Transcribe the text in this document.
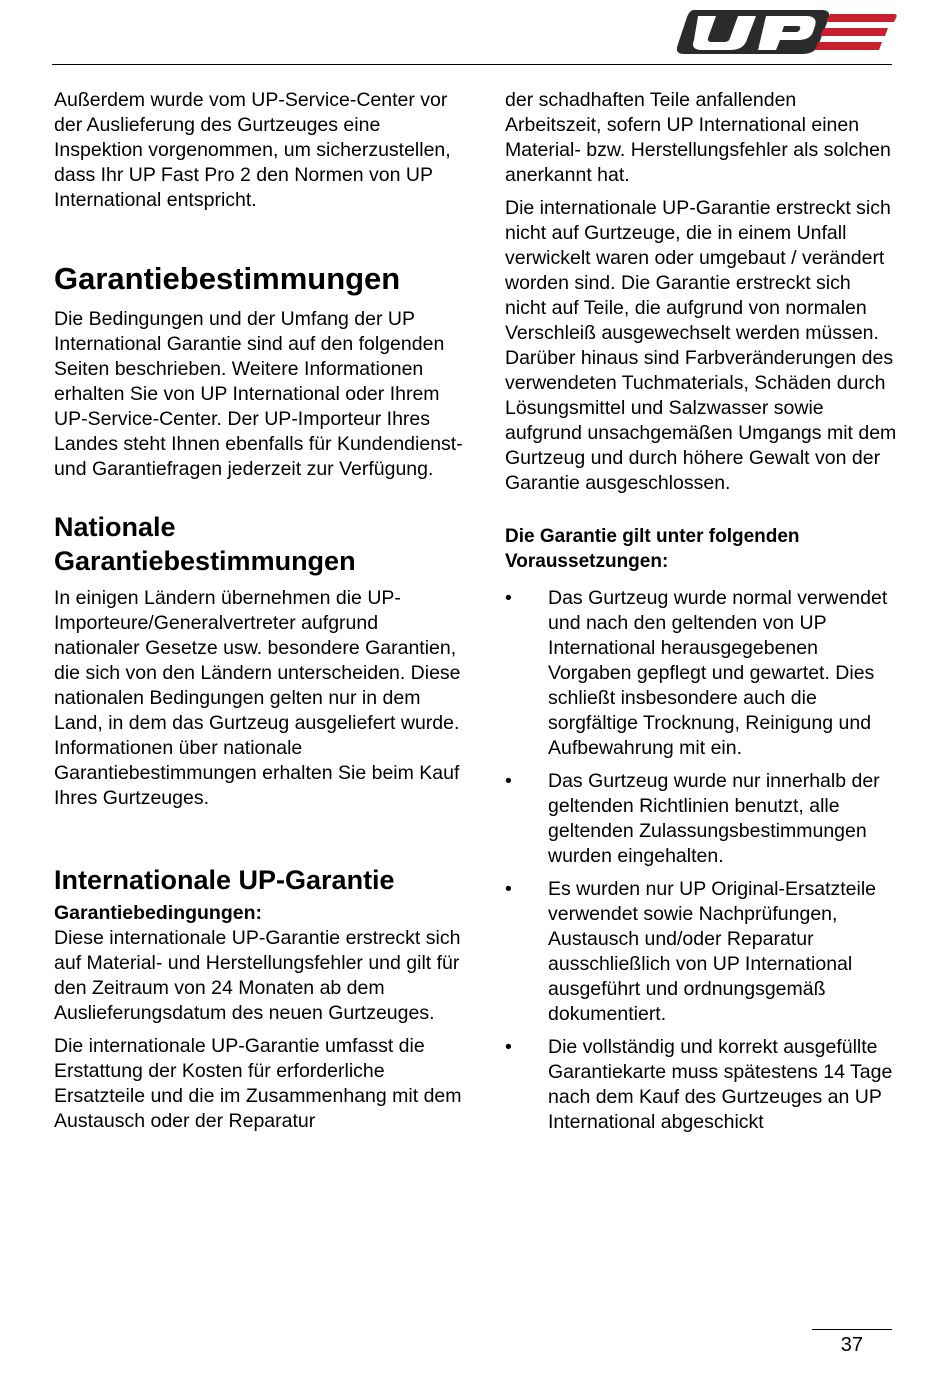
Außerdem wurde vom UP-Service-Center vor der Auslieferung des Gurtzeuges eine Inspektion vorgenommen, um sicherzustellen, dass Ihr UP Fast Pro 2 den Normen von UP International entspricht.

Garantiebestimmungen

Die Bedingungen und der Umfang der UP International Garantie sind auf den folgenden Seiten beschrieben. Weitere Informationen erhalten Sie von UP International oder Ihrem UP-Service-Center. Der UP-Importeur Ihres Landes steht Ihnen ebenfalls für Kundendienst- und Garantiefragen jederzeit zur Verfügung.

Nationale Garantiebestimmungen

In einigen Ländern übernehmen die UP-Importeure/Generalvertreter aufgrund nationaler Gesetze usw. besondere Garantien, die sich von den Ländern unterscheiden. Diese nationalen Bedingungen gelten nur in dem Land, in dem das Gurtzeug ausgeliefert wurde. Informationen über nationale Garantiebestimmungen erhalten Sie beim Kauf Ihres Gurtzeuges.

Internationale UP-Garantie
Garantiebedingungen:

Diese internationale UP-Garantie erstreckt sich auf Material- und Herstellungsfehler und gilt für den Zeitraum von 24 Monaten ab dem Auslieferungsdatum des neuen Gurtzeuges.

Die internationale UP-Garantie umfasst die Erstattung der Kosten für erforderliche Ersatzteile und die im Zusammenhang mit dem Austausch oder der Reparatur

der schadhaften Teile anfallenden Arbeitszeit, sofern UP International einen Material- bzw. Herstellungsfehler als solchen anerkannt hat.

Die internationale UP-Garantie erstreckt sich nicht auf Gurtzeuge, die in einem Unfall verwickelt waren oder umgebaut / verändert worden sind. Die Garantie erstreckt sich nicht auf Teile, die aufgrund von normalen Verschleiß ausgewechselt werden müssen. Darüber hinaus sind Farbveränderungen des verwendeten Tuchmaterials, Schäden durch Lösungsmittel und Salzwasser sowie aufgrund unsachgemäßen Umgangs mit dem Gurtzeug und durch höhere Gewalt von der Garantie ausgeschlossen.

Die Garantie gilt unter folgenden Voraussetzungen:
•	Das Gurtzeug wurde normal verwendet und nach den geltenden von UP International herausgegebenen Vorgaben gepflegt und gewartet. Dies schließt insbesondere auch die sorgfältige Trocknung, Reinigung und Aufbewahrung mit ein.
•	Das Gurtzeug wurde nur innerhalb der geltenden Richtlinien benutzt, alle geltenden Zulassungsbestimmungen wurden eingehalten.
•	Es wurden nur UP Original-Ersatzteile verwendet sowie Nachprüfungen, Austausch und/oder Reparatur ausschließlich von UP International ausgeführt und ordnungsgemäß dokumentiert.
•	Die vollständig und korrekt ausgefüllte Garantiekarte muss spätestens 14 Tage nach dem Kauf des Gurtzeuges an UP International abgeschickt
37
